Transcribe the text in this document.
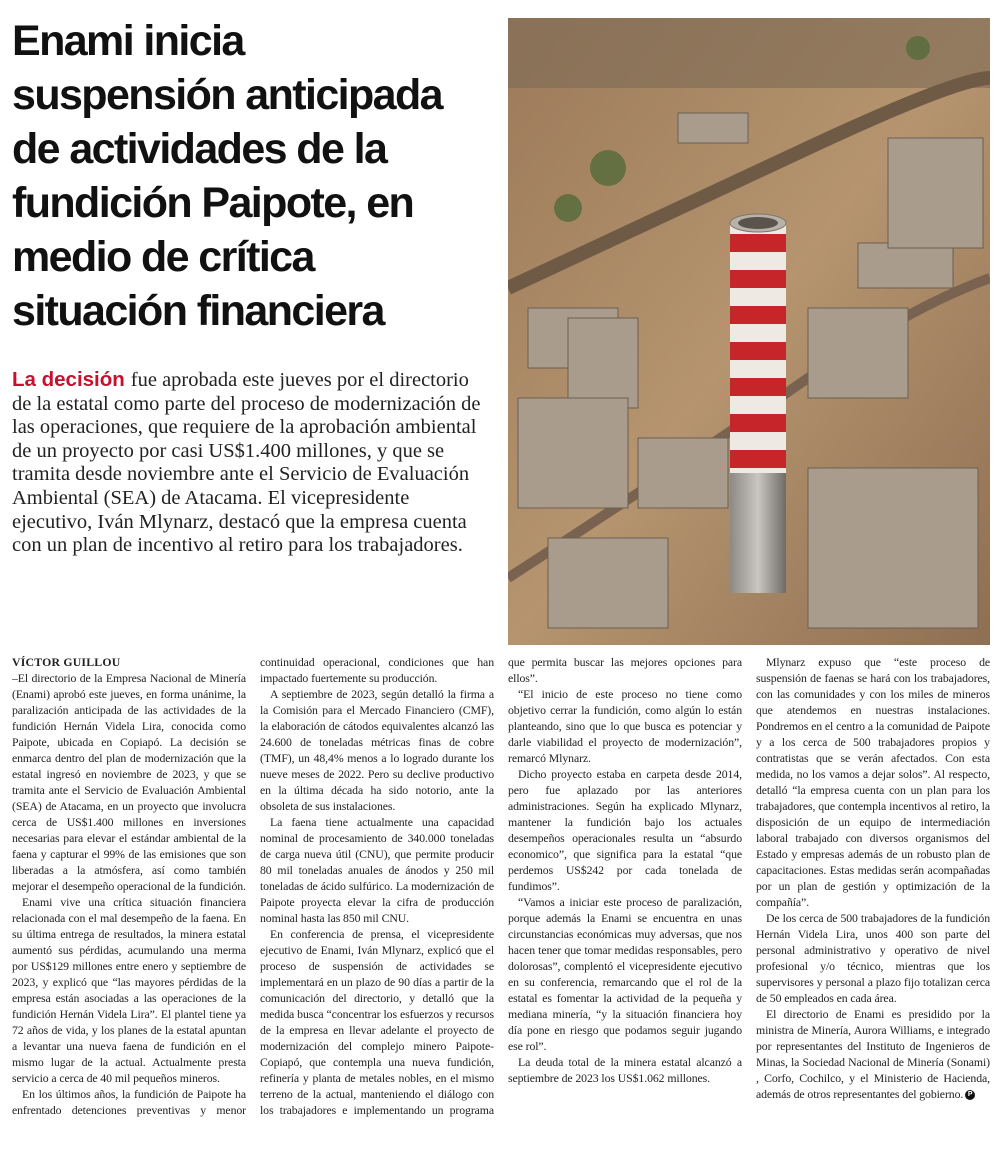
Enami inicia
suspensión anticipada
de actividades de la
fundición Paipote, en
medio de crítica
situación financiera

La decisión fue aprobada este jueves por el directorio de la estatal como parte del proceso de modernización de las operaciones, que requiere de la aprobación ambiental de un proyecto por casi US$1.400 millones, y que se tramita desde noviembre ante el Servicio de Evaluación Ambiental (SEA) de Atacama. El vicepresidente ejecutivo, Iván Mlynarz, destacó que la empresa cuenta con un plan de incentivo al retiro para los trabajadores.

VÍCTOR GUILLOU

–El directorio de la Empresa Nacional de Minería (Enami) aprobó este jueves, en forma unánime, la paralización anticipada de las actividades de la fundición Hernán Videla Lira, conocida como Paipote, ubicada en Copiapó. La decisión se enmarca dentro del plan de modernización que la estatal ingresó en noviembre de 2023, y que se tramita ante el Servicio de Evaluación Ambiental (SEA) de Atacama, en un proyecto que involucra cerca de US$1.400 millones en inversiones necesarias para elevar el estándar ambiental de la faena y capturar el 99% de las emisiones que son liberadas a la atmósfera, así como también mejorar el desempeño operacional de la fundición.

Enami vive una crítica situación financiera relacionada con el mal desempeño de la faena. En su última entrega de resultados, la minera estatal aumentó sus pérdidas, acumulando una merma por US$129 millones entre enero y septiembre de 2023, y explicó que “las mayores pérdidas de la empresa están asociadas a las operaciones de la fundición Hernán Videla Lira”. El plantel tiene ya 72 años de vida, y los planes de la estatal apuntan a levantar una nueva faena de fundición en el mismo lugar de la actual. Actualmente presta servicio a cerca de 40 mil pequeños mineros.

En los últimos años, la fundición de Paipote ha enfrentado detenciones preventivas y menor continuidad operacional, condiciones que han impactado fuertemente su producción.

A septiembre de 2023, según detalló la firma a la Comisión para el Mercado Financiero (CMF), la elaboración de cátodos equivalentes alcanzó las 24.600 de toneladas métricas finas de cobre (TMF), un 48,4% menos a lo logrado durante los nueve meses de 2022. Pero su declive productivo en la última década ha sido notorio, ante la obsoleta de sus instalaciones.

La faena tiene actualmente una capacidad nominal de procesamiento de 340.000 toneladas de carga nueva útil (CNU), que permite producir 80 mil toneladas anuales de ánodos y 250 mil toneladas de ácido sulfúrico. La modernización de Paipote proyecta elevar la cifra de producción nominal hasta las 850 mil CNU.

En conferencia de prensa, el vicepresidente ejecutivo de Enami, Iván Mlynarz, explicó que el proceso de suspensión de actividades se implementará en un plazo de 90 días a partir de la comunicación del directorio, y detalló que la medida busca “concentrar los esfuerzos y recursos de la empresa en llevar adelante el proyecto de modernización del complejo minero Paipote-Copiapó, que contempla una nueva fundición, refinería y planta de metales nobles, en el mismo terreno de la actual, manteniendo el diálogo con los trabajadores e implementando un programa que permita buscar las mejores opciones para ellos”.

“El inicio de este proceso no tiene como objetivo cerrar la fundición, como algún lo están planteando, sino que lo que busca es potenciar y darle viabilidad el proyecto de modernización”, remarcó Mlynarz.

Dicho proyecto estaba en carpeta desde 2014, pero fue aplazado por las anteriores administraciones. Según ha explicado Mlynarz, mantener la fundición bajo los actuales desempeños operacionales resulta un “absurdo economico”, que significa para la estatal “que perdemos US$242 por cada tonelada de fundimos”.

“Vamos a iniciar este proceso de paralización, porque además la Enami se encuentra en unas circunstancias económicas muy adversas, que nos hacen tener que tomar medidas responsables, pero dolorosas”, complentó el vicepresidente ejecutivo en su conferencia, remarcando que el rol de la estatal es fomentar la actividad de la pequeña y mediana minería, “y la situación financiera hoy día pone en riesgo que podamos seguir jugando ese rol”.

La deuda total de la minera estatal alcanzó a septiembre de 2023 los US$1.062 millones.

Mlynarz expuso que “este proceso de suspensión de faenas se hará con los trabajadores, con las comunidades y con los miles de mineros que atendemos en nuestras instalaciones. Pondremos en el centro a la comunidad de Paipote y a los cerca de 500 trabajadores propios y contratistas que se verán afectados. Con esta medida, no los vamos a dejar solos”. Al respecto, detalló “la empresa cuenta con un plan para los trabajadores, que contempla incentivos al retiro, la disposición de un equipo de intermediación laboral trabajado con diversos organismos del Estado y empresas además de un robusto plan de capacitaciones. Estas medidas serán acompañadas por un plan de gestión y optimización de la compañía”.

De los cerca de 500 trabajadores de la fundición Hernán Videla Lira, unos 400 son parte del personal administrativo y operativo de nivel profesional y/o técnico, mientras que los supervisores y personal a plazo fijo totalizan cerca de 50 empleados en cada área.

El directorio de Enami es presidido por la ministra de Minería, Aurora Williams, e integrado por representantes del Instituto de Ingenieros de Minas, la Sociedad Nacional de Minería (Sonami) , Corfo, Cochilco, y el Ministerio de Hacienda, además de otros representantes del gobierno. P
